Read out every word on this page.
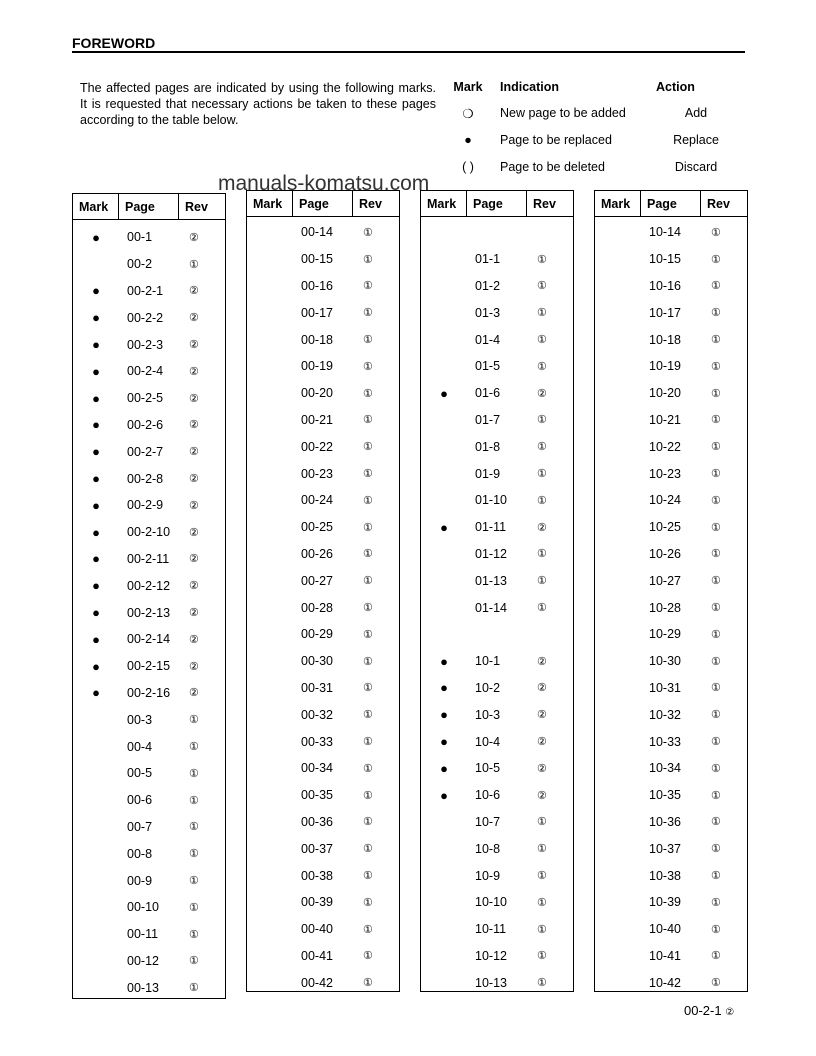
FOREWORD
The affected pages are indicated by using the following marks. It is requested that necessary actions be taken to these pages according to the table below.
Mark	Indication	Action
❍	New page to be added	Add
●	Page to be replaced	Replace
( )	Page to be deleted	Discard
manuals-komatsu.com
Mark	Page	Rev
●	00-1	②
00-2	①
●	00-2-1	②
●	00-2-2	②
●	00-2-3	②
●	00-2-4	②
●	00-2-5	②
●	00-2-6	②
●	00-2-7	②
●	00-2-8	②
●	00-2-9	②
●	00-2-10	②
●	00-2-11	②
●	00-2-12	②
●	00-2-13	②
●	00-2-14	②
●	00-2-15	②
●	00-2-16	②
00-3	①
00-4	①
00-5	①
00-6	①
00-7	①
00-8	①
00-9	①
00-10	①
00-11	①
00-12	①
00-13	①
Mark	Page	Rev
00-14	①
00-15	①
00-16	①
00-17	①
00-18	①
00-19	①
00-20	①
00-21	①
00-22	①
00-23	①
00-24	①
00-25	①
00-26	①
00-27	①
00-28	①
00-29	①
00-30	①
00-31	①
00-32	①
00-33	①
00-34	①
00-35	①
00-36	①
00-37	①
00-38	①
00-39	①
00-40	①
00-41	①
00-42	①
Mark	Page	Rev
01-1	①
01-2	①
01-3	①
01-4	①
01-5	①
●	01-6	②
01-7	①
01-8	①
01-9	①
01-10	①
●	01-11	②
01-12	①
01-13	①
01-14	①
●	10-1	②
●	10-2	②
●	10-3	②
●	10-4	②
●	10-5	②
●	10-6	②
10-7	①
10-8	①
10-9	①
10-10	①
10-11	①
10-12	①
10-13	①
Mark	Page	Rev
10-14	①
10-15	①
10-16	①
10-17	①
10-18	①
10-19	①
10-20	①
10-21	①
10-22	①
10-23	①
10-24	①
10-25	①
10-26	①
10-27	①
10-28	①
10-29	①
10-30	①
10-31	①
10-32	①
10-33	①
10-34	①
10-35	①
10-36	①
10-37	①
10-38	①
10-39	①
10-40	①
10-41	①
10-42	①
00-2-1 ②
